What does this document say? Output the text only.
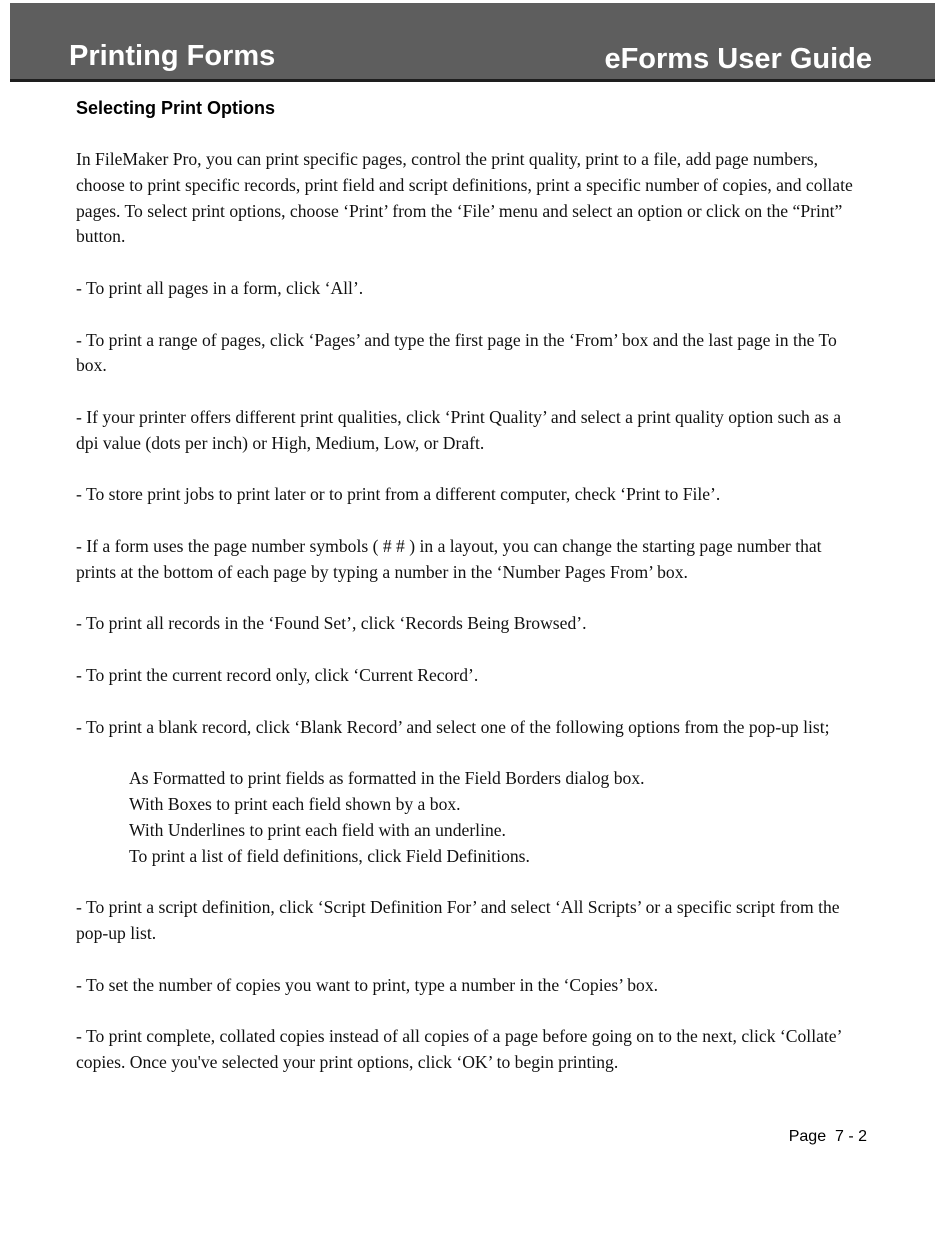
Printing Forms	eForms User Guide
Selecting Print Options

In FileMaker Pro, you can print specific pages, control the print quality, print to a file, add page numbers, choose to print specific records, print field and script definitions, print a specific number of copies, and collate pages. To select print options, choose ‘Print’ from the ‘File’ menu and select an option or click on the “Print” button.

- To print all pages in a form, click ‘All’.

- To print a range of pages, click ‘Pages’ and type the first page in the ‘From’ box and the last page in the To box.

- If your printer offers different print qualities, click ‘Print Quality’ and select a print quality option such as a dpi value (dots per inch) or High, Medium, Low, or Draft.

- To store print jobs to print later or to print from a different computer, check ‘Print to File’.

- If a form uses the page number symbols ( # # ) in a layout, you can change the starting page number that prints at the bottom of each page by typing a number in the ‘Number Pages From’ box.

- To print all records in the ‘Found Set’, click ‘Records Being Browsed’.

- To print the current record only, click ‘Current Record’.

- To print a blank record, click ‘Blank Record’ and select one of the following options from the pop-up list;

As Formatted to print fields as formatted in the Field Borders dialog box.
With Boxes to print each field shown by a box.
With Underlines to print each field with an underline.
To print a list of field definitions, click Field Definitions.

- To print a script definition, click ‘Script Definition For’ and select ‘All Scripts’ or a specific script from the pop-up list.

- To set the number of copies you want to print, type a number in the ‘Copies’ box.

- To print complete, collated copies instead of all copies of a page before going on to the next, click ‘Collate’ copies. Once you've selected your print options, click ‘OK’ to begin printing.

Page  7 - 2
